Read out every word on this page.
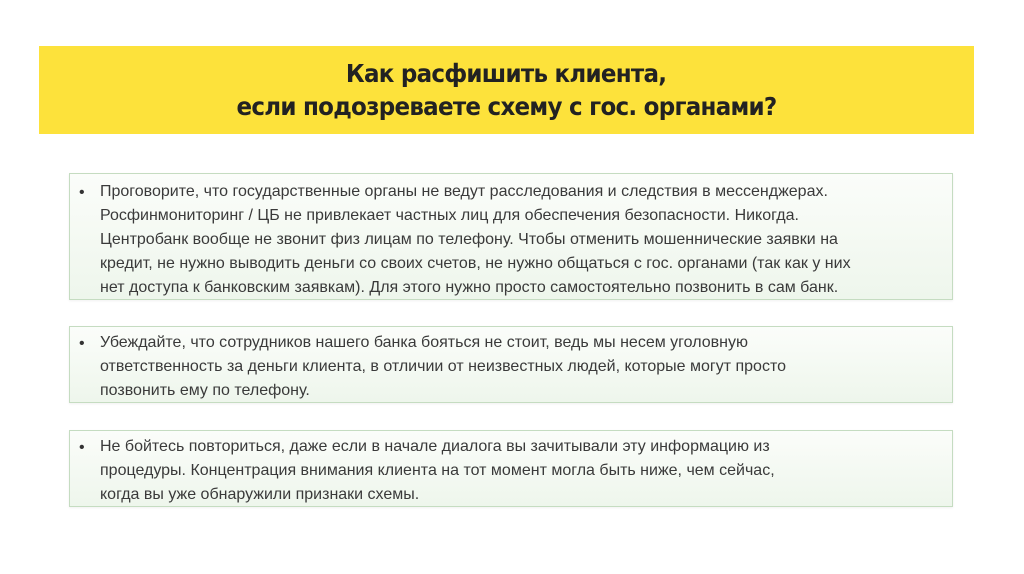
Как расфишить клиента,
если подозреваете схему с гос. органами?
• Проговорите, что государственные органы не ведут расследования и следствия в мессенджерах.
Росфинмониторинг / ЦБ не привлекает частных лиц для обеспечения безопасности. Никогда.
Центробанк вообще не звонит физ лицам по телефону. Чтобы отменить мошеннические заявки на
кредит, не нужно выводить деньги со своих счетов, не нужно общаться с гос. органами (так как у них
нет доступа к банковским заявкам). Для этого нужно просто самостоятельно позвонить в сам банк.
• Убеждайте, что сотрудников нашего банка бояться не стоит, ведь мы несем уголовную
ответственность за деньги клиента, в отличии от неизвестных людей, которые могут просто
позвонить ему по телефону.
• Не бойтесь повториться, даже если в начале диалога вы зачитывали эту информацию из
процедуры. Концентрация внимания клиента на тот момент могла быть ниже, чем сейчас,
когда вы уже обнаружили признаки схемы.
